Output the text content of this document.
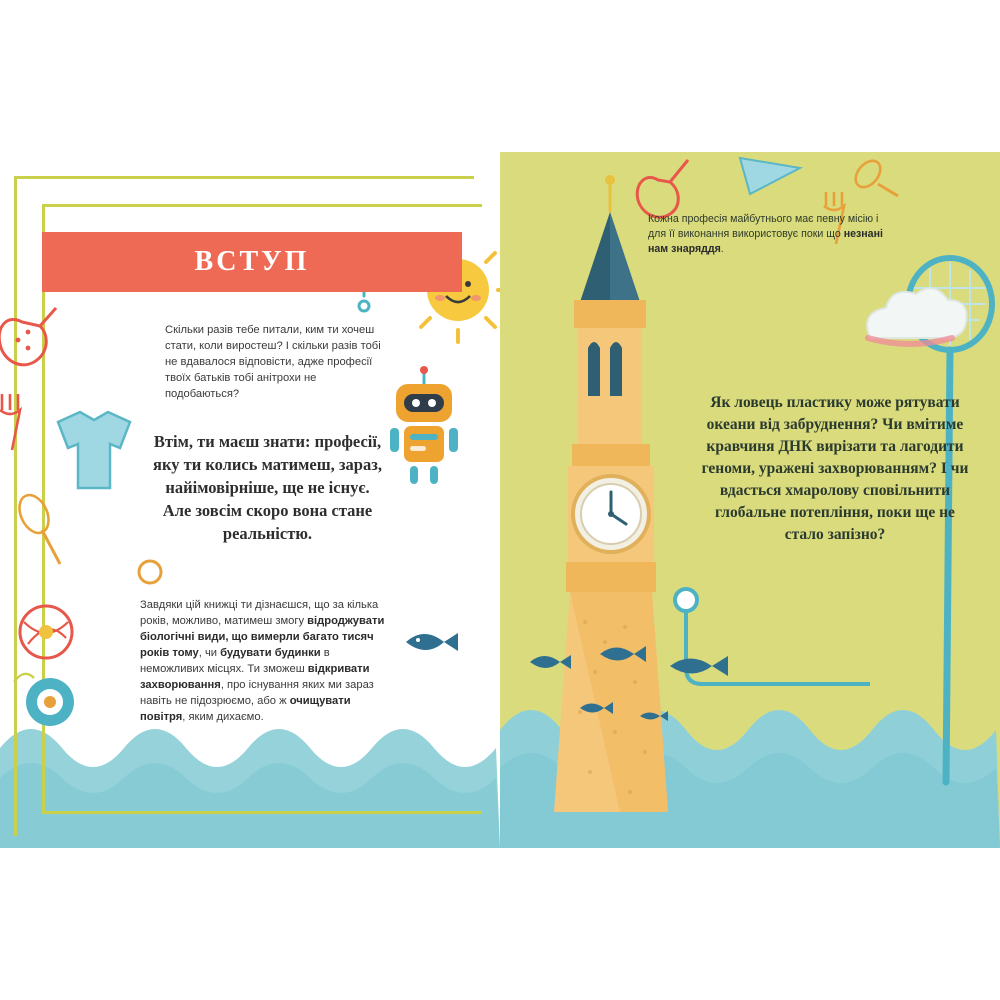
ВСТУП
Скільки разів тебе питали, ким ти хочеш стати, коли виростеш? І скільки разів тобі не вдавалося відповісти, адже професії твоїх батьків тобі анітрохи не подобаються?
Втім, ти маєш знати: професії, яку ти колись матимеш, зараз, найімовірніше, ще не існує. Але зовсім скоро вона стане реальністю.
Завдяки цій книжці ти дізнаєшся, що за кілька років, можливо, матимеш змогу відроджувати біологічні види, що вимерли багато тисяч років тому, чи будувати будинки в неможливих місцях. Ти зможеш відкривати захворювання, про існування яких ми зараз навіть не підозрюємо, або ж очищувати повітря, яким дихаємо.
Кожна професія майбутнього має певну місію і для її виконання використовує поки що незнані нам знаряддя.
Як ловець пластику може рятувати океани від забруднення? Чи вмітиме кравчиня ДНК вирізати та лагодити геноми, уражені захворюванням? І чи вдасться хмаролову сповільнити глобальне потепління, поки ще не стало запізно?
